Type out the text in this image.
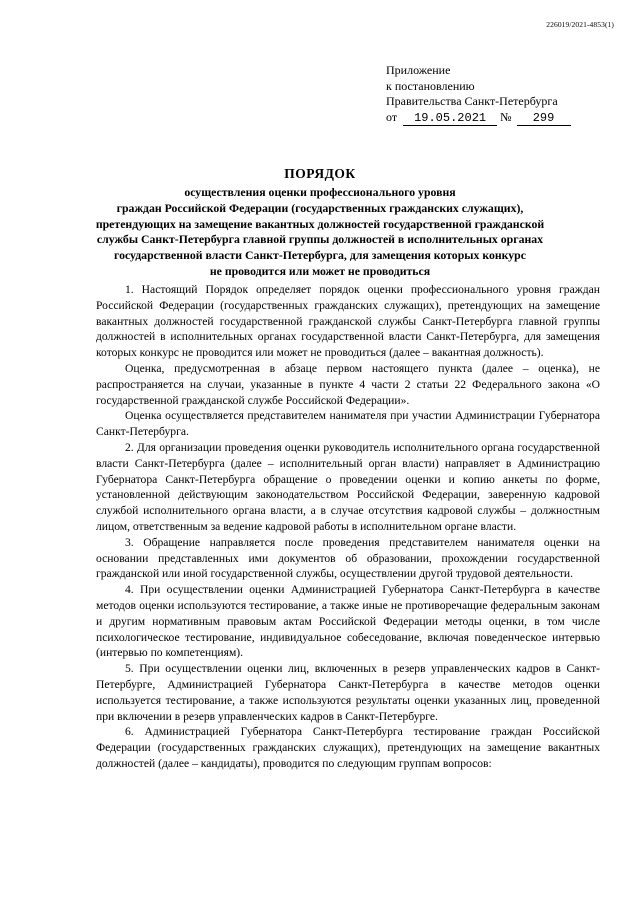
226019/2021-4853(1)
Приложение
к постановлению
Правительства Санкт-Петербурга
от 19.05.2021 № 299
ПОРЯДОК
осуществления оценки профессионального уровня
граждан Российской Федерации (государственных гражданских служащих),
претендующих на замещение вакантных должностей государственной гражданской
службы Санкт-Петербурга главной группы должностей в исполнительных органах
государственной власти Санкт-Петербурга, для замещения которых конкурс
не проводится или может не проводиться

1. Настоящий Порядок определяет порядок оценки профессионального уровня граждан Российской Федерации (государственных гражданских служащих), претендующих на замещение вакантных должностей государственной гражданской службы Санкт-Петербурга главной группы должностей в исполнительных органах государственной власти Санкт-Петербурга, для замещения которых конкурс не проводится или может не проводиться (далее – вакантная должность).

Оценка, предусмотренная в абзаце первом настоящего пункта (далее – оценка), не распространяется на случаи, указанные в пункте 4 части 2 статьи 22 Федерального закона «О государственной гражданской службе Российской Федерации».

Оценка осуществляется представителем нанимателя при участии Администрации Губернатора Санкт-Петербурга.

2. Для организации проведения оценки руководитель исполнительного органа государственной власти Санкт-Петербурга (далее – исполнительный орган власти) направляет в Администрацию Губернатора Санкт-Петербурга обращение о проведении оценки и копию анкеты по форме, установленной действующим законодательством Российской Федерации, заверенную кадровой службой исполнительного органа власти, а в случае отсутствия кадровой службы – должностным лицом, ответственным за ведение кадровой работы в исполнительном органе власти.

3. Обращение направляется после проведения представителем нанимателя оценки на основании представленных ими документов об образовании, прохождении государственной гражданской или иной государственной службы, осуществлении другой трудовой деятельности.

4. При осуществлении оценки Администрацией Губернатора Санкт-Петербурга в качестве методов оценки используются тестирование, а также иные не противоречащие федеральным законам и другим нормативным правовым актам Российской Федерации методы оценки, в том числе психологическое тестирование, индивидуальное собеседование, включая поведенческое интервью (интервью по компетенциям).

5. При осуществлении оценки лиц, включенных в резерв управленческих кадров в Санкт-Петербурге, Администрацией Губернатора Санкт-Петербурга в качестве методов оценки используется тестирование, а также используются результаты оценки указанных лиц, проведенной при включении в резерв управленческих кадров в Санкт-Петербурге.

6. Администрацией Губернатора Санкт-Петербурга тестирование граждан Российской Федерации (государственных гражданских служащих), претендующих на замещение вакантных должностей (далее – кандидаты), проводится по следующим группам вопросов:
